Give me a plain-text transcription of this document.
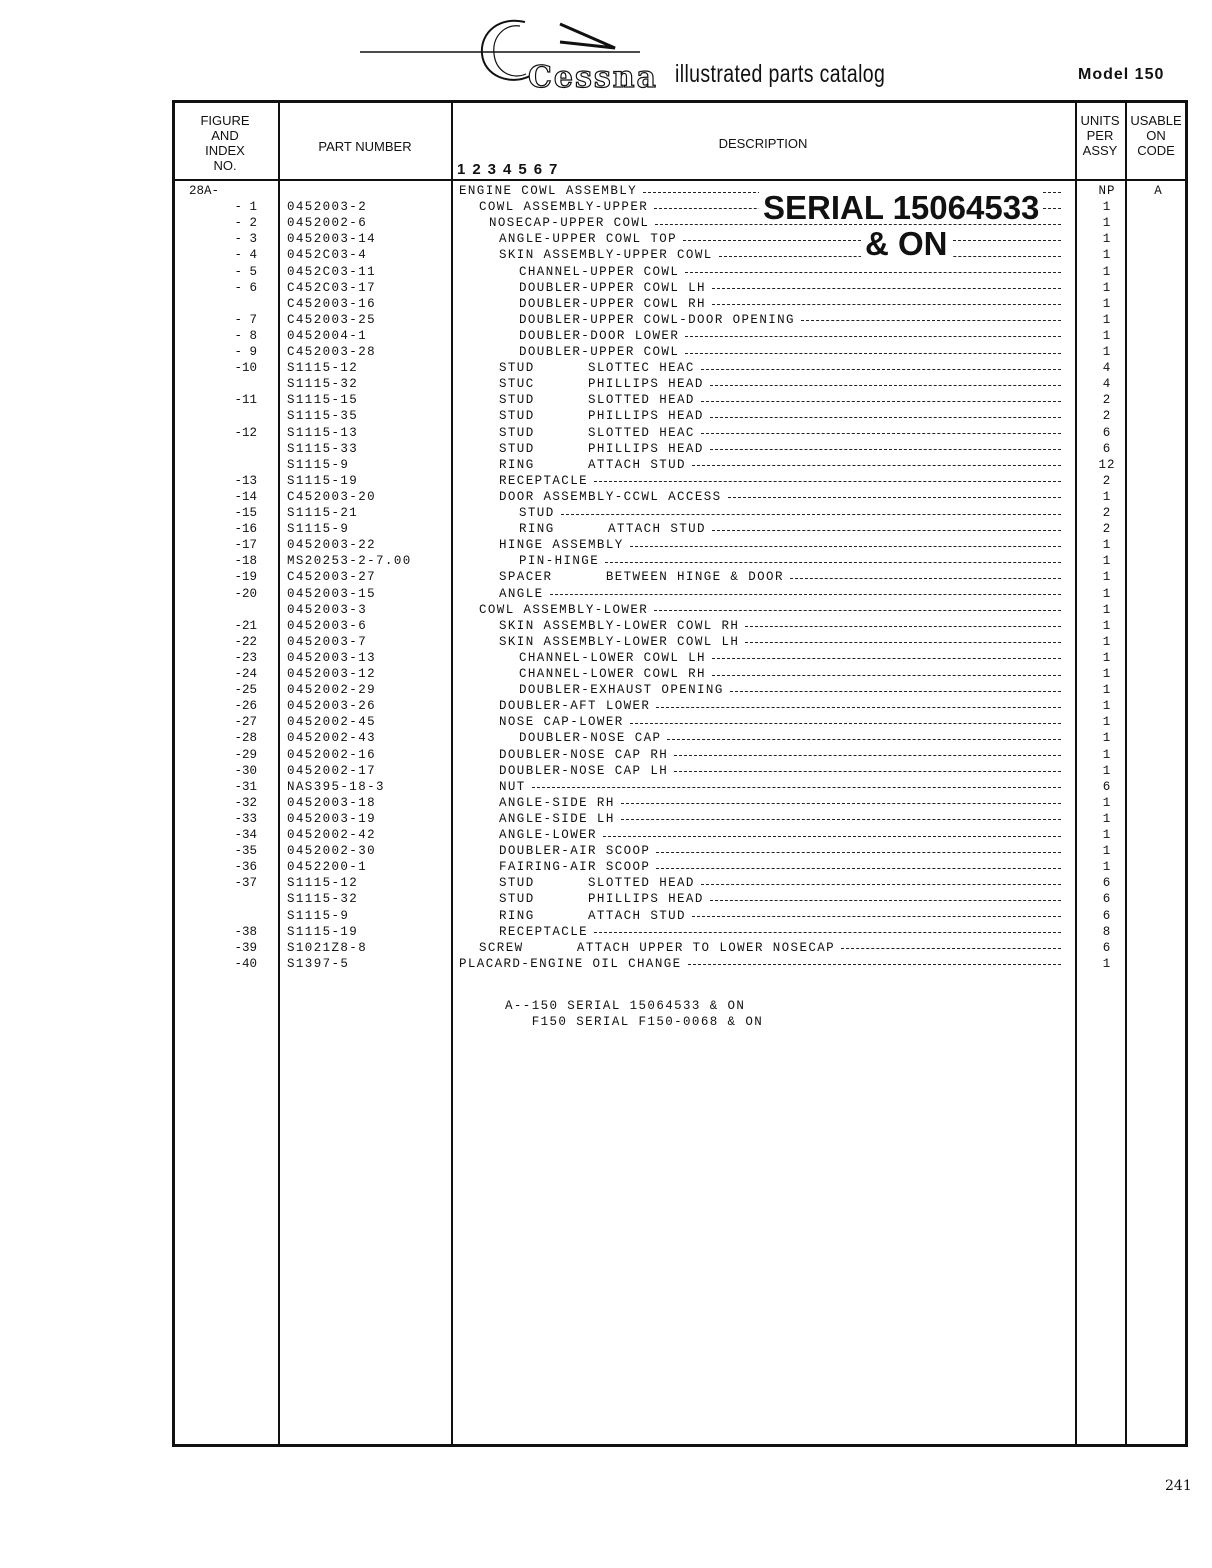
Cessna illustrated parts catalog	Model 150
FIGURE
AND
INDEX
NO.
PART NUMBER	DESCRIPTION
1234567
UNITS
PER
ASSY
USABLE
ON
CODE
28A-	ENGINE COWL ASSEMBLY	NP	A
- 1 0452003-2	COWL ASSEMBLY-UPPER	1
- 2 0452002-6	NOSECAP-UPPER COWL	1
- 3 0452003-14	ANGLE-UPPER COWL TOP	1
- 4 0452C03-4	SKIN ASSEMBLY-UPPER COWL	1
- 5 0452C03-11	CHANNEL-UPPER COWL	1
- 6 C452C03-17	DOUBLER-UPPER COWL LH	1
C452003-16	DOUBLER-UPPER COWL RH	1
- 7 C452003-25	DOUBLER-UPPER COWL-DOOR OPENING	1
- 8 0452004-1	DOUBLER-DOOR LOWER	1
- 9 C452003-28	DOUBLER-UPPER COWL	1
-10 S1115-12	STUD      SLOTTEC HEAC	4
S1115-32	STUC      PHILLIPS HEAD	4
-11 S1115-15	STUD      SLOTTED HEAD	2
S1115-35	STUD      PHILLIPS HEAD	2
-12 S1115-13	STUD      SLOTTED HEAC	6
S1115-33	STUD      PHILLIPS HEAD	6
S1115-9	RING      ATTACH STUD	12
-13 S1115-19	RECEPTACLE	2
-14 C452003-20	DOOR ASSEMBLY-CCWL ACCESS	1
-15 S1115-21	STUD	2
-16 S1115-9	RING      ATTACH STUD	2
-17 0452003-22	HINGE ASSEMBLY	1
-18 MS20253-2-7.00	PIN-HINGE	1
-19 C452003-27	SPACER      BETWEEN HINGE & DOOR	1
-20 0452003-15	ANGLE	1
0452003-3	COWL ASSEMBLY-LOWER	1
-21 0452003-6	SKIN ASSEMBLY-LOWER COWL RH	1
-22 0452003-7	SKIN ASSEMBLY-LOWER COWL LH	1
-23 0452003-13	CHANNEL-LOWER COWL LH	1
-24 0452003-12	CHANNEL-LOWER COWL RH	1
-25 0452002-29	DOUBLER-EXHAUST OPENING	1
-26 0452003-26	DOUBLER-AFT LOWER	1
-27 0452002-45	NOSE CAP-LOWER	1
-28 0452002-43	DOUBLER-NOSE CAP	1
-29 0452002-16	DOUBLER-NOSE CAP RH	1
-30 0452002-17	DOUBLER-NOSE CAP LH	1
-31 NAS395-18-3	NUT	6
-32 0452003-18	ANGLE-SIDE RH	1
-33 0452003-19	ANGLE-SIDE LH	1
-34 0452002-42	ANGLE-LOWER	1
-35 0452002-30	DOUBLER-AIR SCOOP	1
-36 0452200-1	FAIRING-AIR SCOOP	1
-37 S1115-12	STUD      SLOTTED HEAD	6
S1115-32	STUD      PHILLIPS HEAD	6
S1115-9	RING      ATTACH STUD	6
-38 S1115-19	RECEPTACLE	8
-39 S1021Z8-8	SCREW      ATTACH UPPER TO LOWER NOSECAP	6
-40 S1397-5	PLACARD-ENGINE OIL CHANGE	1
SERIAL 15064533
& ON
A--150 SERIAL 15064533 & ON
F150 SERIAL F150-0068 & ON
241
